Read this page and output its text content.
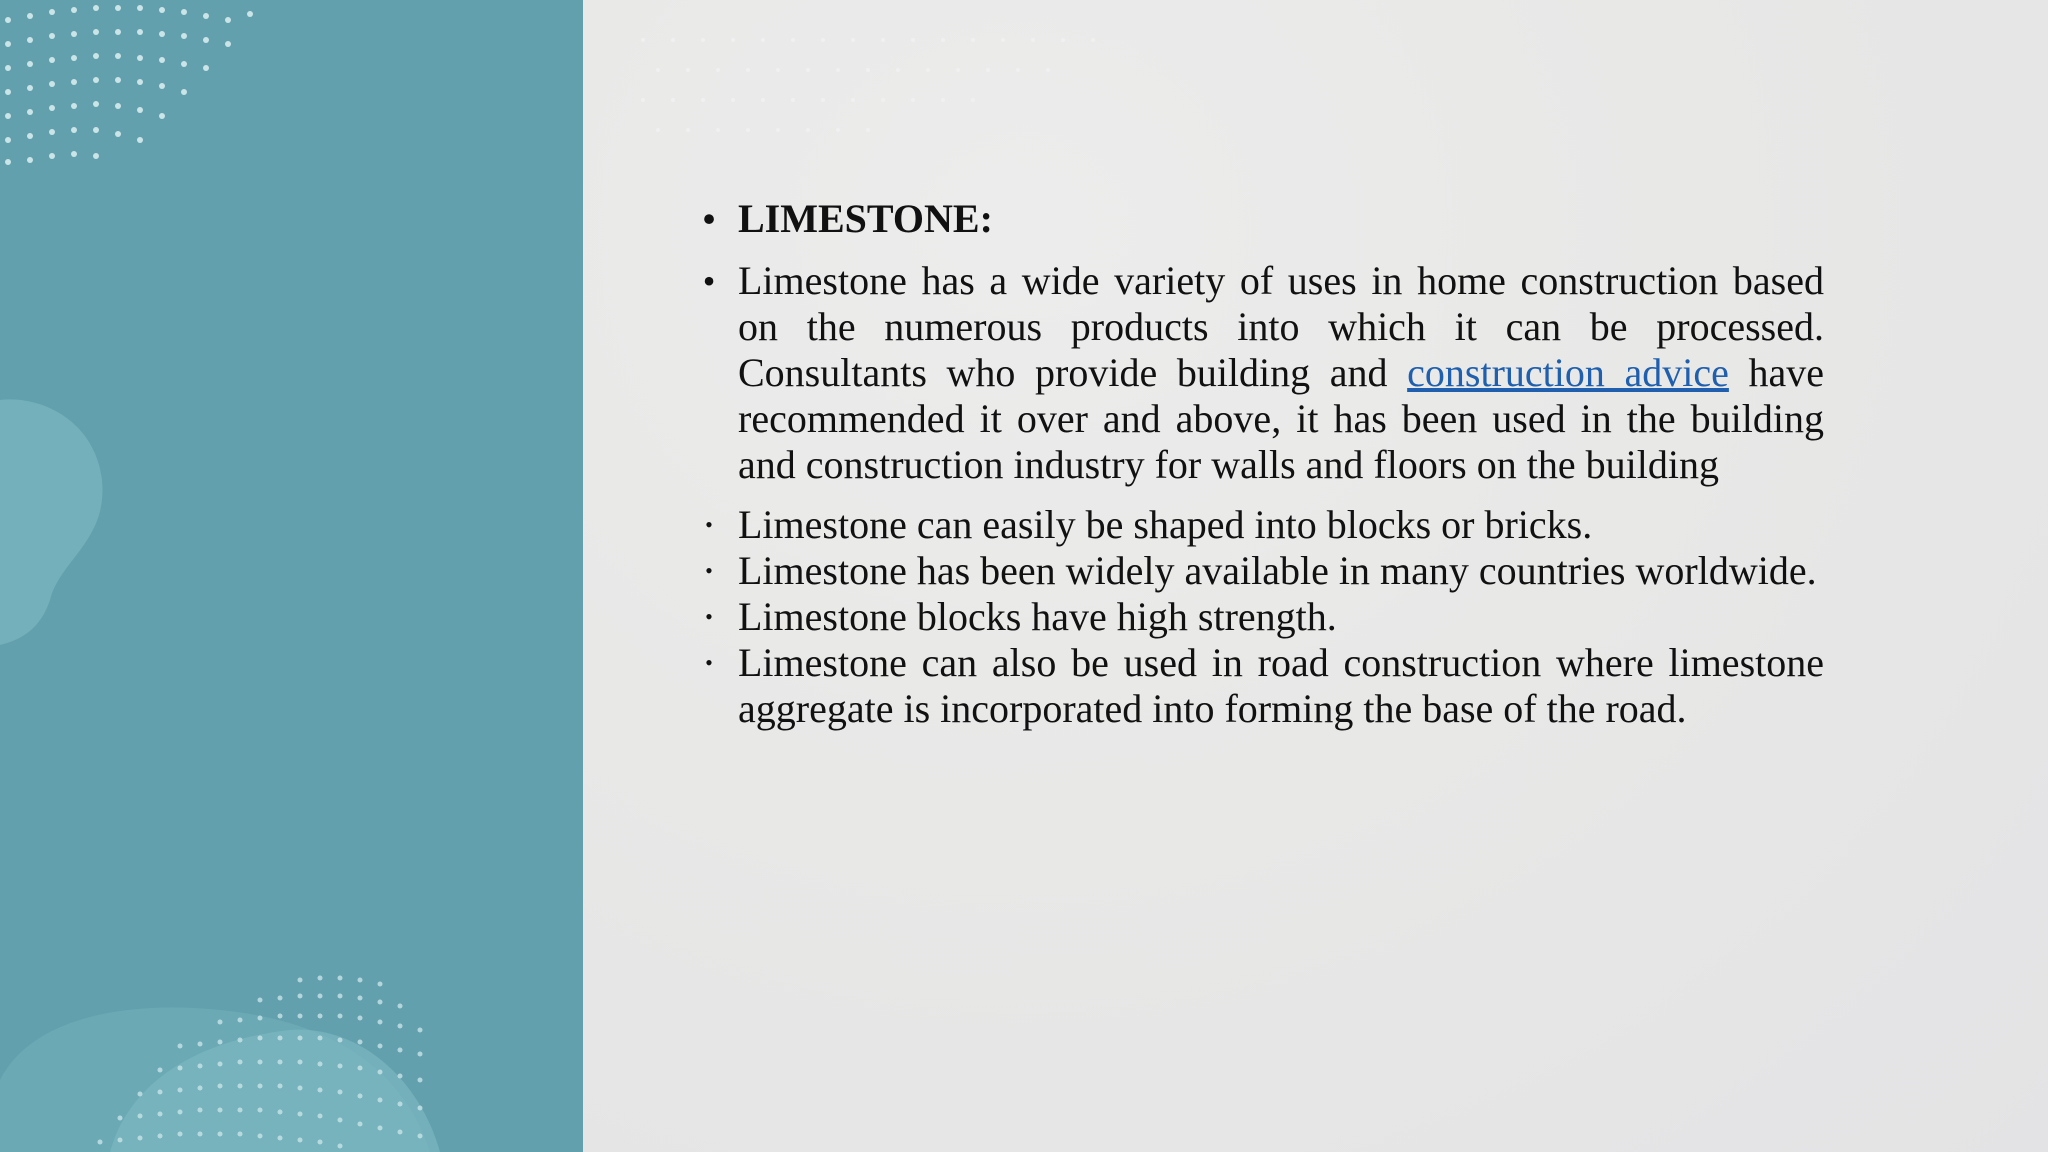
• LIMESTONE:
• Limestone has a wide variety of uses in home construction based on the numerous products into which it can be processed. Consultants who provide building and construction advice have recommended it over and above, it has been used in the building and construction industry for walls and floors on the building
• Limestone can easily be shaped into blocks or bricks.
• Limestone has been widely available in many countries worldwide.
• Limestone blocks have high strength.
• Limestone can also be used in road construction where limestone aggregate is incorporated into forming the base of the road.
